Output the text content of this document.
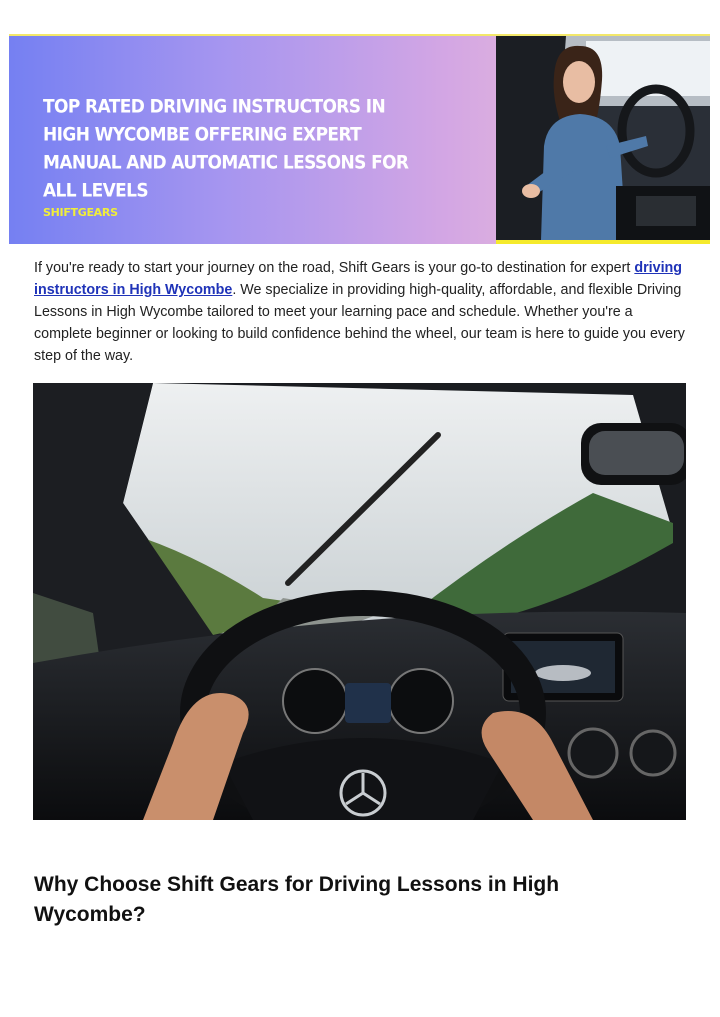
TOP RATED DRIVING INSTRUCTORS IN HIGH WYCOMBE OFFERING EXPERT MANUAL AND AUTOMATIC LESSONS FOR ALL LEVELS
SHIFTGEARS

If you're ready to start your journey on the road, Shift Gears is your go-to destination for expert driving instructors in High Wycombe. We specialize in providing high-quality, affordable, and flexible Driving Lessons in High Wycombe tailored to meet your learning pace and schedule. Whether you're a complete beginner or looking to build confidence behind the wheel, our team is here to guide you every step of the way.

Why Choose Shift Gears for Driving Lessons in High Wycombe?
